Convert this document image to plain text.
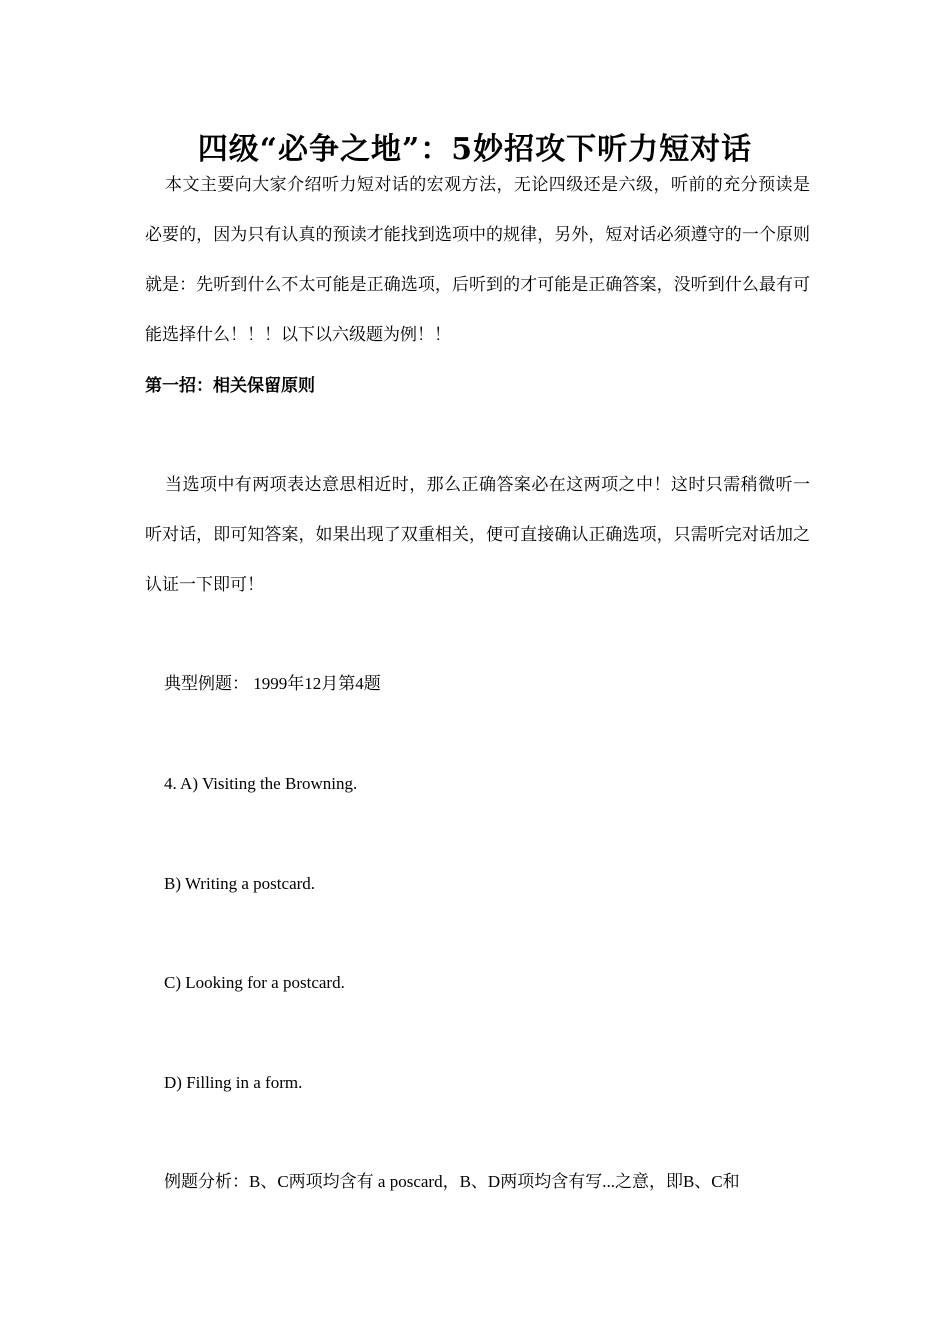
四级“必争之地”：5妙招攻下听力短对话
本文主要向大家介绍听力短对话的宏观方法，无论四级还是六级，听前的充分预读是必要的，因为只有认真的预读才能找到选项中的规律，另外，短对话必须遵守的一个原则就是：先听到什么不太可能是正确选项，后听到的才可能是正确答案，没听到什么最有可能选择什么！！！以下以六级题为例！！
第一招：相关保留原则
当选项中有两项表达意思相近时，那么正确答案必在这两项之中！这时只需稍微听一听对话，即可知答案，如果出现了双重相关，便可直接确认正确选项，只需听完对话加之认证一下即可！
典型例题： 1999年12月第4题
4. A) Visiting the Browning.
B) Writing a postcard.
C) Looking for a postcard.
D) Filling in a form.
例题分析：B、C两项均含有 a poscard，B、D两项均含有写...之意，即B、C和
